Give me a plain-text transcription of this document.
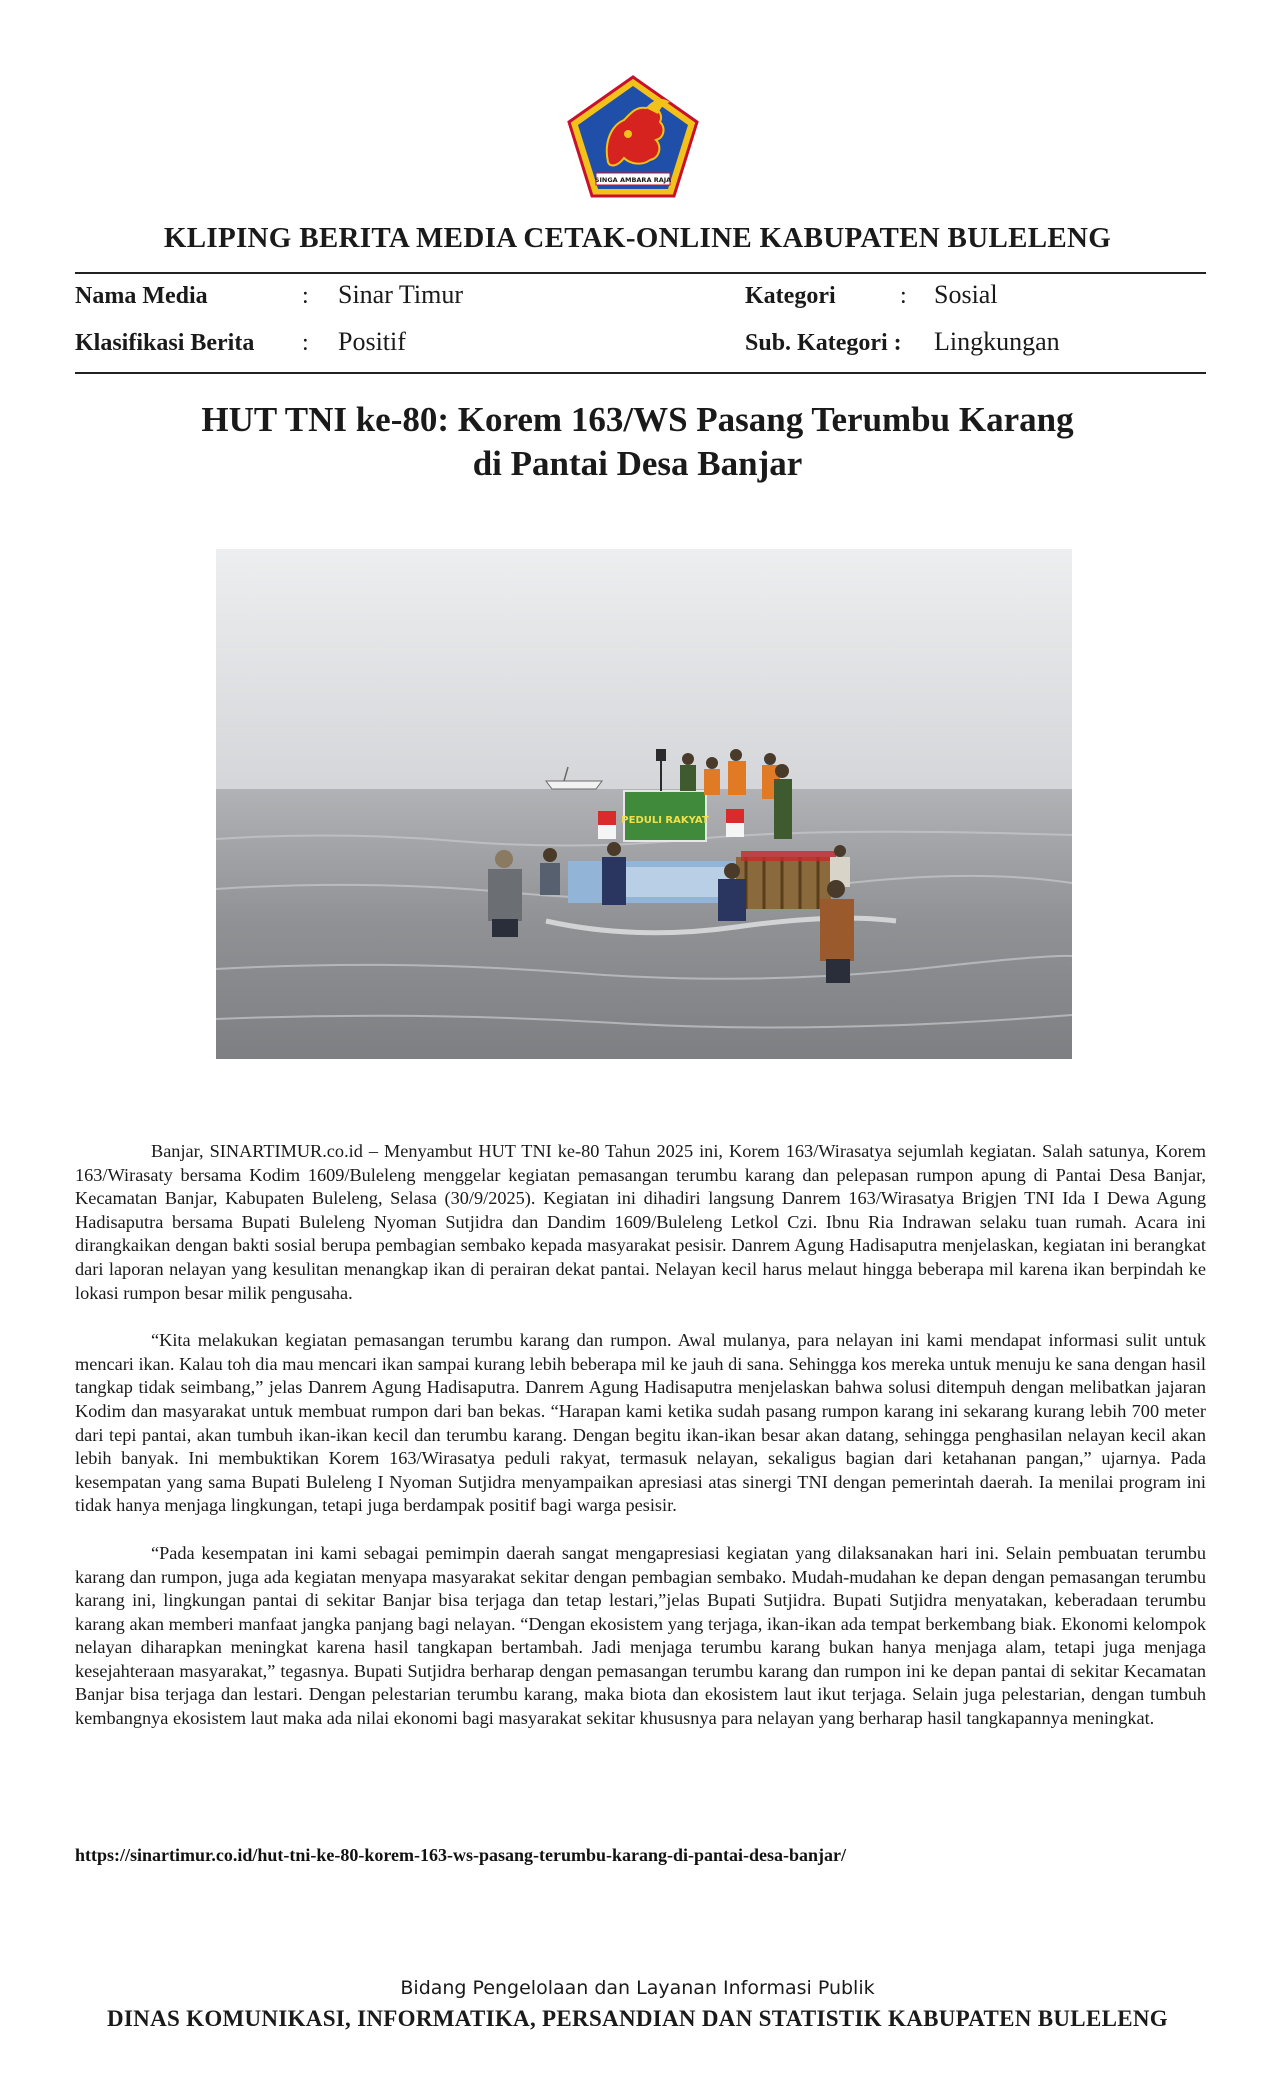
SINGA AMBARA RAJA
KLIPING BERITA MEDIA CETAK-ONLINE KABUPATEN BULELENG
Nama Media	: Sinar Timur	Kategori	: Sosial
Klasifikasi Berita : Positif	Sub. Kategori : Lingkungan
HUT TNI ke-80: Korem 163/WS Pasang Terumbu Karang
di Pantai Desa Banjar
PEDULI RAKYAT

Banjar, SINARTIMUR.co.id – Menyambut HUT TNI ke-80 Tahun 2025 ini, Korem 163/Wirasatya sejumlah kegiatan. Salah satunya, Korem 163/Wirasaty bersama Kodim 1609/Buleleng menggelar kegiatan pemasangan terumbu karang dan pelepasan rumpon apung di Pantai Desa Banjar, Kecamatan Banjar, Kabupaten Buleleng, Selasa (30/9/2025). Kegiatan ini dihadiri langsung Danrem 163/Wirasatya Brigjen TNI Ida I Dewa Agung Hadisaputra bersama Bupati Buleleng Nyoman Sutjidra dan Dandim 1609/Buleleng Letkol Czi. Ibnu Ria Indrawan selaku tuan rumah. Acara ini dirangkaikan dengan bakti sosial berupa pembagian sembako kepada masyarakat pesisir. Danrem Agung Hadisaputra menjelaskan, kegiatan ini berangkat dari laporan nelayan yang kesulitan menangkap ikan di perairan dekat pantai. Nelayan kecil harus melaut hingga beberapa mil karena ikan berpindah ke lokasi rumpon besar milik pengusaha.

“Kita melakukan kegiatan pemasangan terumbu karang dan rumpon. Awal mulanya, para nelayan ini kami mendapat informasi sulit untuk mencari ikan. Kalau toh dia mau mencari ikan sampai kurang lebih beberapa mil ke jauh di sana. Sehingga kos mereka untuk menuju ke sana dengan hasil tangkap tidak seimbang,” jelas Danrem Agung Hadisaputra. Danrem Agung Hadisaputra menjelaskan bahwa solusi ditempuh dengan melibatkan jajaran Kodim dan masyarakat untuk membuat rumpon dari ban bekas. “Harapan kami ketika sudah pasang rumpon karang ini sekarang kurang lebih 700 meter dari tepi pantai, akan tumbuh ikan-ikan kecil dan terumbu karang. Dengan begitu ikan-ikan besar akan datang, sehingga penghasilan nelayan kecil akan lebih banyak. Ini membuktikan Korem 163/Wirasatya peduli rakyat, termasuk nelayan, sekaligus bagian dari ketahanan pangan,” ujarnya. Pada kesempatan yang sama Bupati Buleleng I Nyoman Sutjidra menyampaikan apresiasi atas sinergi TNI dengan pemerintah daerah. Ia menilai program ini tidak hanya menjaga lingkungan, tetapi juga berdampak positif bagi warga pesisir.

“Pada kesempatan ini kami sebagai pemimpin daerah sangat mengapresiasi kegiatan yang dilaksanakan hari ini. Selain pembuatan terumbu karang dan rumpon, juga ada kegiatan menyapa masyarakat sekitar dengan pembagian sembako. Mudah-mudahan ke depan dengan pemasangan terumbu karang ini, lingkungan pantai di sekitar Banjar bisa terjaga dan tetap lestari,”jelas Bupati Sutjidra. Bupati Sutjidra menyatakan, keberadaan terumbu karang akan memberi manfaat jangka panjang bagi nelayan. “Dengan ekosistem yang terjaga, ikan-ikan ada tempat berkembang biak. Ekonomi kelompok nelayan diharapkan meningkat karena hasil tangkapan bertambah. Jadi menjaga terumbu karang bukan hanya menjaga alam, tetapi juga menjaga kesejahteraan masyarakat,” tegasnya. Bupati Sutjidra berharap dengan pemasangan terumbu karang dan rumpon ini ke depan pantai di sekitar Kecamatan Banjar bisa terjaga dan lestari. Dengan pelestarian terumbu karang, maka biota dan ekosistem laut ikut terjaga. Selain juga pelestarian, dengan tumbuh kembangnya ekosistem laut maka ada nilai ekonomi bagi masyarakat sekitar khususnya para nelayan yang berharap hasil tangkapannya meningkat.

https://sinartimur.co.id/hut-tni-ke-80-korem-163-ws-pasang-terumbu-karang-di-pantai-desa-banjar/
Bidang Pengelolaan dan Layanan Informasi Publik
DINAS KOMUNIKASI, INFORMATIKA, PERSANDIAN DAN STATISTIK KABUPATEN BULELENG
